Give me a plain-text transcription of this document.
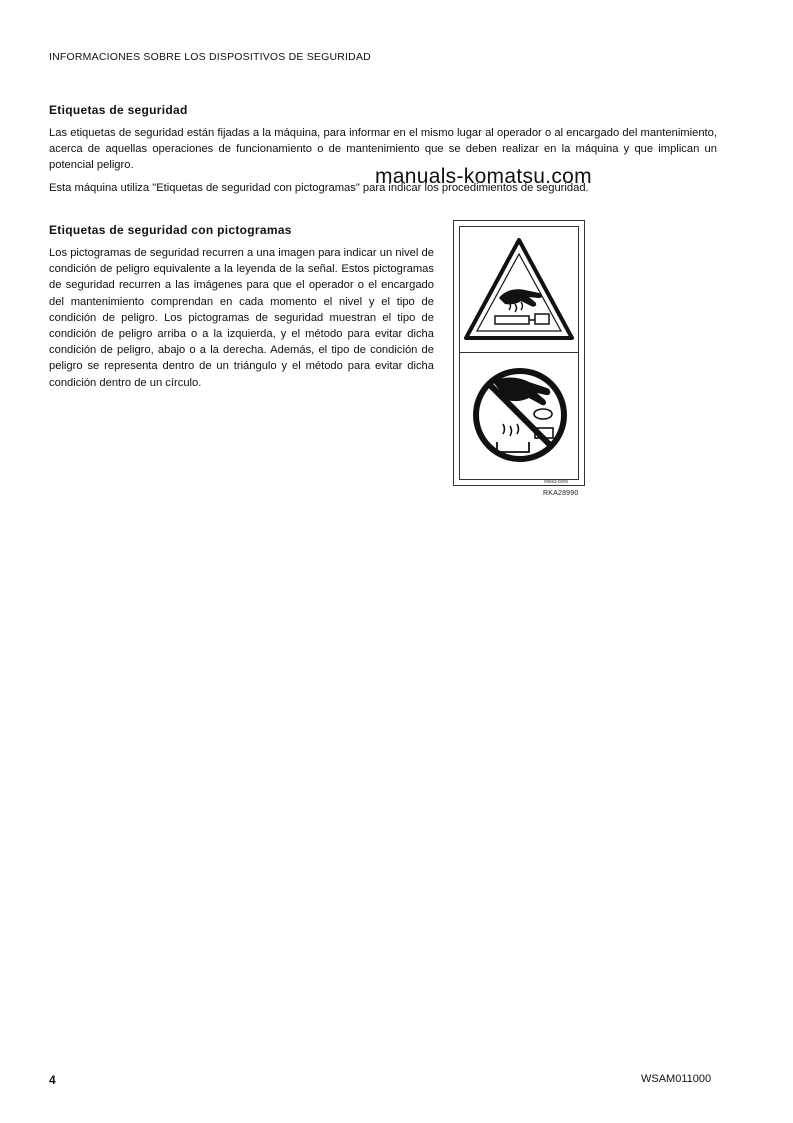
INFORMACIONES SOBRE LOS DISPOSITIVOS DE SEGURIDAD
Etiquetas de seguridad

Las etiquetas de seguridad están fijadas a la máquina, para informar en el mismo lugar al operador o al encargado del mantenimiento, acerca de aquellas operaciones de funcionamiento o de mantenimiento que se deben realizar en la máquina y que implican un potencial peligro.

Esta máquina utiliza "Etiquetas de seguridad con pictogramas" para indicar los procedimientos de seguridad.

manuals-komatsu.com
Etiquetas de seguridad con pictogramas

Los pictogramas de seguridad recurren a una imagen para indicar un nivel de condición de peligro equivalente a la leyenda de la señal. Estos pictogramas de seguridad recurren a las imágenes para que el operador o el encargado del mantenimiento comprendan en cada momento el nivel y el tipo de condición de peligro. Los pictogramas de seguridad muestran el tipo de condición de peligro arriba o a la izquierda, y el método para evitar dicha condición de peligro, abajo o a la derecha. Además, el tipo de condición de peligro se representa dentro de un triángulo y el método para evitar dicha condición dentro de un círculo.

09653-0005
RKA28990
4	WSAM011000
